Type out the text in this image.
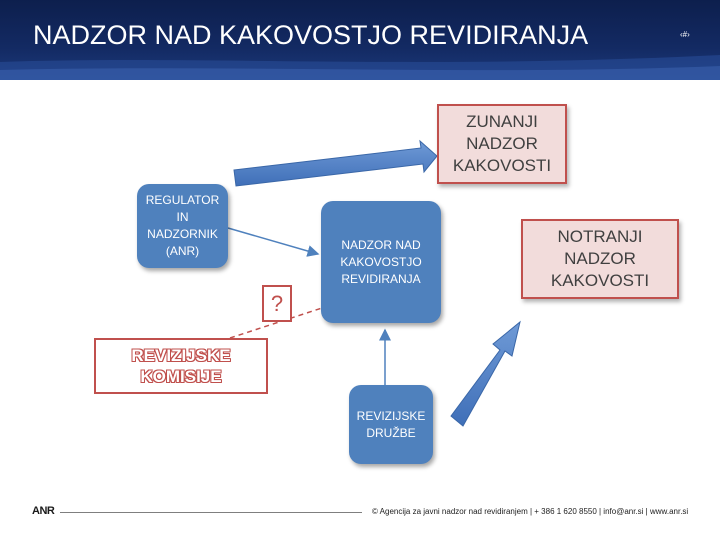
NADZOR NAD KAKOVOSTJO REVIDIRANJA	‹#›
REGULATOR
IN
NADZORNIK
(ANR)	NADZOR NAD
KAKOVOSTJO
REVIDIRANJA
REVIZIJSKE
DRUŽBE
ZUNANJI
NADZOR
KAKOVOSTI
NOTRANJI
NADZOR
KAKOVOSTI
REVIZIJSKE
KOMISIJE
?
ANR	© Agencija za javni nadzor nad revidiranjem | + 386 1 620 8550 | info@anr.si | www.anr.si
